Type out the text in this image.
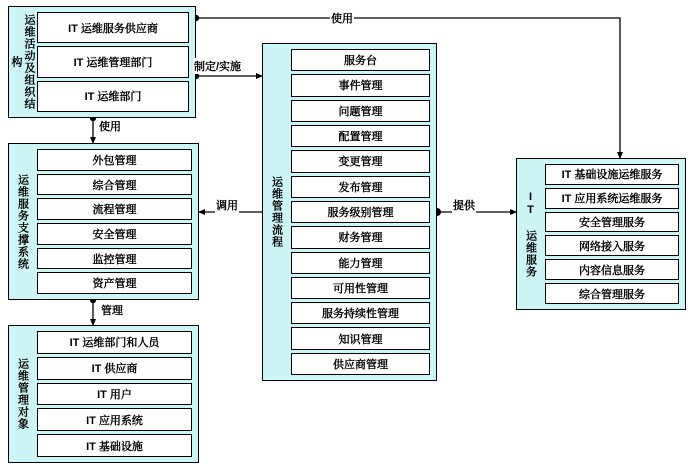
运维活动及组织结构
IT 运维服务供应商
IT 运维管理部门
IT 运维部门
运维服务支撑系统
外包管理
综合管理
流程管理
安全管理
监控管理
资产管理
运维管理对象
IT 运维部门和人员
IT 供应商
IT 用户
IT 应用系统
IT 基础设施
运维管理流程
服务台
事件管理
问题管理
配置管理
变更管理
发布管理
服务级别管理
财务管理
能力管理
可用性管理
服务持续性管理
知识管理
供应商管理
IT 运维服务
IT 基础设施运维服务
IT 应用系统运维服务
安全管理服务
网络接入服务
内容信息服务
综合管理服务
使用
制定/实施
使用
调用
管理
提供
